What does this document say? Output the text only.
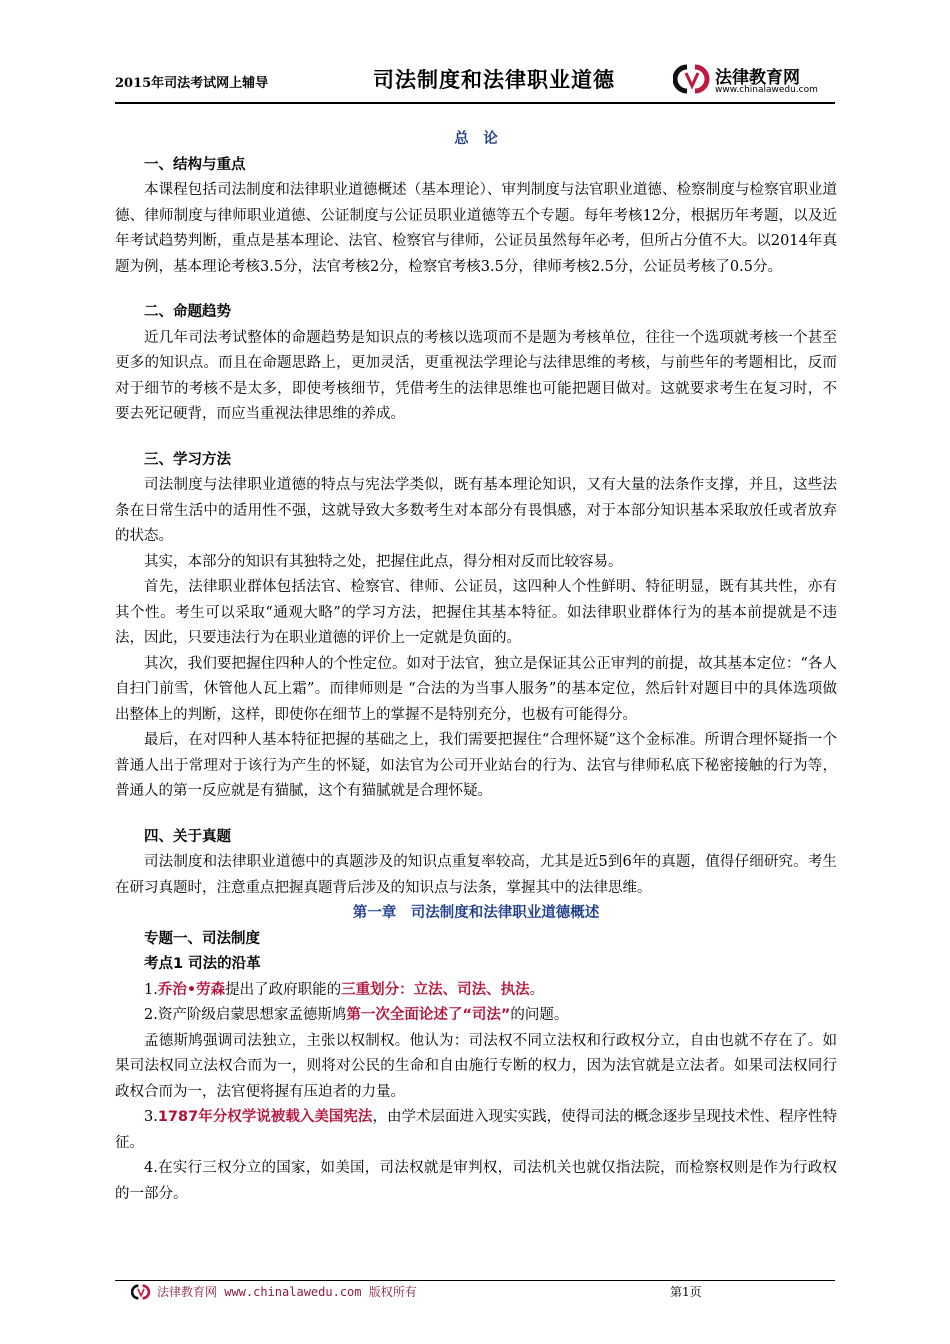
2015年司法考试网上辅导	司法制度和法律职业道德	法律教育网
www.chinalawedu.com

总　论

一、结构与重点

本课程包括司法制度和法律职业道德概述（基本理论）、审判制度与法官职业道德、检察制度与检察官职业道德、律师制度与律师职业道德、公证制度与公证员职业道德等五个专题。每年考核12分，根据历年考题，以及近年考试趋势判断，重点是基本理论、法官、检察官与律师，公证员虽然每年必考，但所占分值不大。以2014年真题为例，基本理论考核3.5分，法官考核2分，检察官考核3.5分，律师考核2.5分，公证员考核了0.5分。

二、命题趋势

近几年司法考试整体的命题趋势是知识点的考核以选项而不是题为考核单位，往往一个选项就考核一个甚至更多的知识点。而且在命题思路上，更加灵活，更重视法学理论与法律思维的考核，与前些年的考题相比，反而对于细节的考核不是太多，即使考核细节，凭借考生的法律思维也可能把题目做对。这就要求考生在复习时，不要去死记硬背，而应当重视法律思维的养成。

三、学习方法

司法制度与法律职业道德的特点与宪法学类似，既有基本理论知识，又有大量的法条作支撑，并且，这些法条在日常生活中的适用性不强，这就导致大多数考生对本部分有畏惧感，对于本部分知识基本采取放任或者放弃的状态。

其实，本部分的知识有其独特之处，把握住此点，得分相对反而比较容易。

首先，法律职业群体包括法官、检察官、律师、公证员，这四种人个性鲜明、特征明显，既有其共性，亦有其个性。考生可以采取“通观大略”的学习方法，把握住其基本特征。如法律职业群体行为的基本前提就是不违法，因此，只要违法行为在职业道德的评价上一定就是负面的。

其次，我们要把握住四种人的个性定位。如对于法官，独立是保证其公正审判的前提，故其基本定位：“各人自扫门前雪，休管他人瓦上霜”。而律师则是 “合法的为当事人服务”的基本定位，然后针对题目中的具体选项做出整体上的判断，这样，即使你在细节上的掌握不是特别充分，也极有可能得分。

最后，在对四种人基本特征把握的基础之上，我们需要把握住“合理怀疑”这个金标准。所谓合理怀疑指一个普通人出于常理对于该行为产生的怀疑，如法官为公司开业站台的行为、法官与律师私底下秘密接触的行为等，普通人的第一反应就是有猫腻，这个有猫腻就是合理怀疑。

四、关于真题

司法制度和法律职业道德中的真题涉及的知识点重复率较高，尤其是近5到6年的真题，值得仔细研究。考生在研习真题时，注意重点把握真题背后涉及的知识点与法条，掌握其中的法律思维。

第一章　司法制度和法律职业道德概述

专题一、司法制度

考点1 司法的沿革

1.乔治•劳森提出了政府职能的三重划分：立法、司法、执法。

2.资产阶级启蒙思想家孟德斯鸠第一次全面论述了“司法”的问题。

孟德斯鸠强调司法独立，主张以权制权。他认为：司法权不同立法权和行政权分立，自由也就不存在了。如果司法权同立法权合而为一，则将对公民的生命和自由施行专断的权力，因为法官就是立法者。如果司法权同行政权合而为一，法官便将握有压迫者的力量。

3.1787年分权学说被载入美国宪法，由学术层面进入现实实践，使得司法的概念逐步呈现技术性、程序性特征。

4.在实行三权分立的国家，如美国，司法权就是审判权，司法机关也就仅指法院，而检察权则是作为行政权的一部分。

法律教育网 www.chinalawedu.com 版权所有	第1页
